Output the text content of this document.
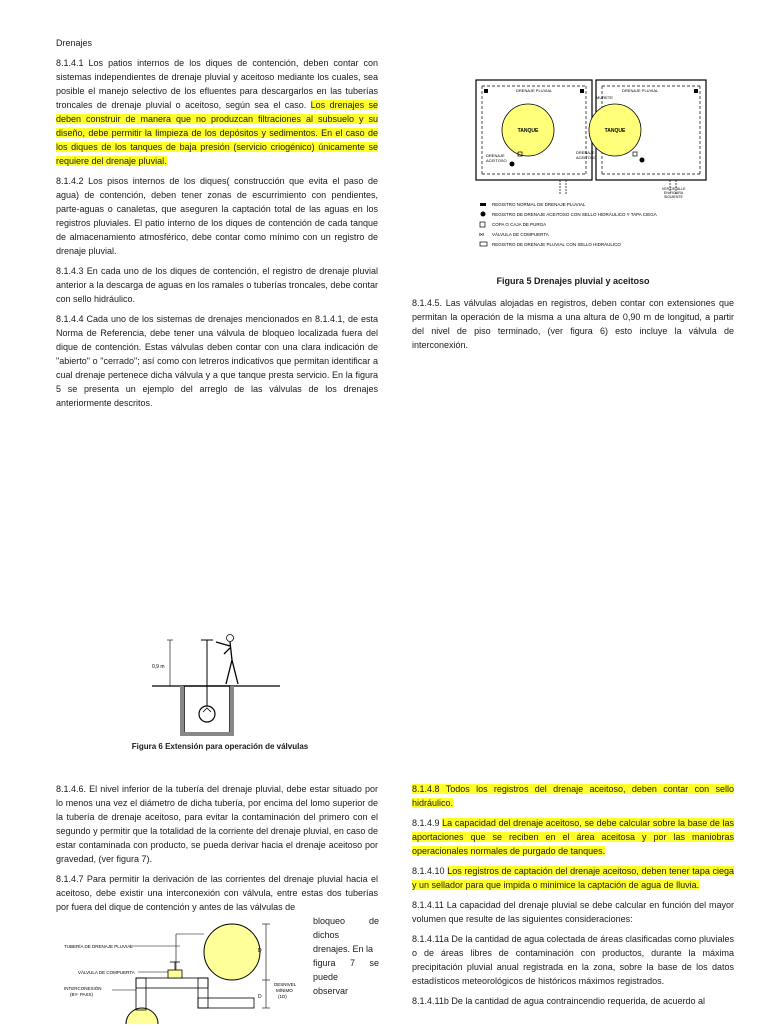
Drenajes

8.1.4.1 Los patios internos de los diques de contención, deben contar con sistemas independientes de drenaje pluvial y aceitoso mediante los cuales, sea posible el manejo selectivo de los efluentes para descargarlos en las tuberías troncales de drenaje pluvial o aceitoso, según sea el caso. Los drenajes se deben construir de manera que no produzcan filtraciones al subsuelo y su diseño, debe permitir la limpieza de los depósitos y sedimentos. En el caso de los diques de los tanques de baja presión (servicio criogénico) únicamente se requiere del drenaje pluvial.

8.1.4.2 Los pisos internos de los diques( construcción que evita el paso de agua) de contención, deben tener zonas de escurrimiento con pendientes, parte-aguas o canaletas, que aseguren la captación total de las aguas en los registros pluviales. El patio interno de los diques de contención de cada tanque de almacenamiento atmosférico, debe contar como mínimo con un registro de drenaje pluvial.

8.1.4.3 En cada uno de los diques de contención, el registro de drenaje pluvial anterior a la descarga de aguas en los ramales o tuberías troncales, debe contar con sello hidráulico.

8.1.4.4 Cada uno de los sistemas de drenajes mencionados en 8.1.4.1, de esta Norma de Referencia, debe tener una válvula de bloqueo localizada fuera del dique de contención. Estas válvulas deben contar con una clara indicación de "abierto" o "cerrado"; así como con letreros indicativos que permitan identificar a cual drenaje pertenece dicha válvula y a que tanque presta servicio. En la figura 5 se presenta un ejemplo del arreglo de las válvulas de los drenajes anteriormente descritos.

TANQUE	TANQUE
DRENAJE PLUVIAL	DRENAJE PLUVIAL
MURETE
DRENAJE
ACEITOSO
DRENAJE
ACEITOSO
VER DETALLE
EN FIGURA
SIGUIENTE
REGISTRO NORMAL DE DRENAJE PLUVIAL
REGISTRO DE DRENAJE ACEITOSO CON SELLO HIDRÁULICO Y TAPA CIEGA
COPA O CAJA DE PURGA
⋈ VÁLVULA DE COMPUERTA
REGISTRO DE DRENAJE PLUVIAL CON SELLO HIDRÁULICO
Figura 5 Drenajes pluvial y aceitoso

8.1.4.5. Las válvulas alojadas en registros, deben contar con extensiones que permitan la operación de la misma a una altura de 0,90 m de longitud, a partir del nivel de piso terminado, (ver figura 6) esto incluye la válvula de interconexión.

0,9 m
Figura 6 Extensión para operación de válvulas

8.1.4.6. El nivel inferior de la tubería del drenaje pluvial, debe estar situado por lo menos una vez el diámetro de dicha tubería, por encima del lomo superior de la tubería de drenaje aceitoso, para evitar la contaminación del primero con el segundo y permitir que la totalidad de la corriente del drenaje pluvial, en caso de estar contaminada con producto, se pueda derivar hacia el drenaje aceitoso por gravedad, (ver figura 7).

8.1.4.7 Para permitir la derivación de las corrientes del drenaje pluvial hacia el aceitoso, debe existir una interconexión con válvula, entre estas dos tuberías por fuera del dique de contención y antes de las válvulas de

bloqueo de
dichos
drenajes. En la
figura 7 se
puede
observar
TUBERÍA DE DRENAJE PLUVIAL
VÁLVULA DE COMPUERTA
INTERCONEXIÓN
(BY- PASS)
D
D
DESNIVEL
MÍNIMO
(1D)

8.1.4.8 Todos los registros del drenaje aceitoso, deben contar con sello hidráulico.

8.1.4.9 La capacidad del drenaje aceitoso, se debe calcular sobre la base de las aportaciones que se reciben en el área aceitosa y por las maniobras operacionales normales de purgado de tanques.

8.1.4.10 Los registros de captación del drenaje aceitoso, deben tener tapa ciega y un sellador para que impida o minimice la captación de agua de lluvia.

8.1.4.11 La capacidad del drenaje pluvial se debe calcular en función del mayor volumen que resulte de las siguientes consideraciones:

8.1.4.11a De la cantidad de agua colectada de áreas clasificadas como pluviales o de áreas libres de contaminación con productos, durante la máxima precipitación pluvial anual registrada en la zona, sobre la base de los datos estadísticos meteorológicos de históricos máximos registrados.

8.1.4.11b De la cantidad de agua contraincendio requerida, de acuerdo al
